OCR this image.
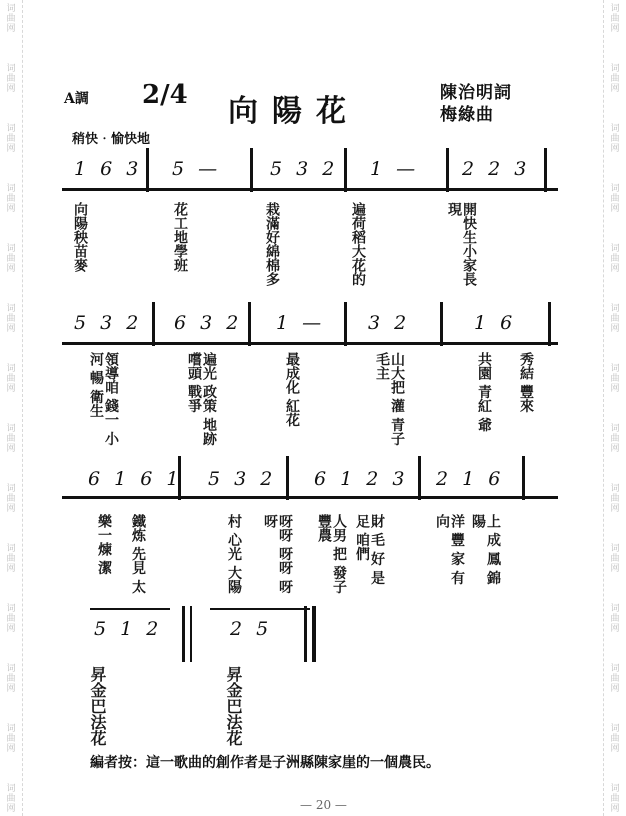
词
曲
网
词
曲
网
词
曲
网
词
曲
网
词
曲
网
词
曲
网
词
曲
网
词
曲
网
词
曲
网
词
曲
网
词
曲
网
词
曲
网
词
曲
网
词
曲
网
词
曲
网
词
曲
网
词
曲
网
词
曲
网
词
曲
网
词
曲
网
词
曲
网
词
曲
网
词
曲
网
词
曲
网
词
曲
网
词
曲
网
词
曲
网
词
曲
网
A調 2/4 向陽花
陳治明詞
梅綠曲
稍快‧愉快地
1 6 3 5 —	5 3 2 1 — 2 2 3
向陽秧苗麥	花工地學班	栽滿好綿棉多	遍荷稻大花的	開快生小家長現
5 3 2 6 3 2 1 — 3 2	1 6
領導咱 錢一 小河 暢 衛生	遍光 政策 地跡 嚐頭 戰爭	最成化 紅花	山大把 灌 青子 毛主	共園 青紅 爺 秀結 豐來
6 1 6 1 5 3 2 6 1 2 3 2 1 6
樂一煉 潔 鐵炼 先見 太	村 心光 大陽	呀呀 呀呀 呀呀	人男 把 發子 豐農	財 毛 好 是足 咱們	洋 豐 家 有 向	上 成 鳳 錦 陽
5 1 2	2 5
昇金巴法花	昇金巴法花
編者按：這一歌曲的創作者是子洲縣陳家崖的一個農民。
— 20 —
